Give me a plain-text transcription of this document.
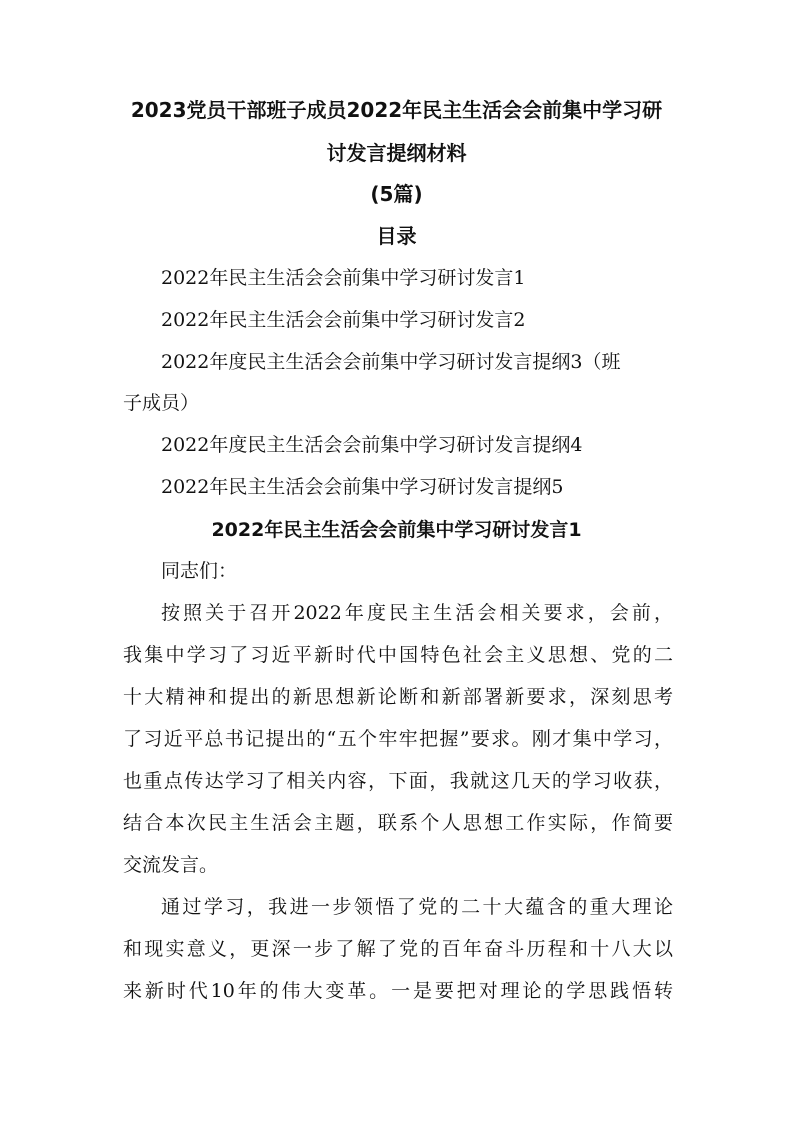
2023党员干部班子成员2022年民主生活会会前集中学习研
讨发言提纲材料
(5篇)
目录

2022年民主生活会会前集中学习研讨发言1

2022年民主生活会会前集中学习研讨发言2

2022年度民主生活会会前集中学习研讨发言提纲3（班

子成员）

2022年度民主生活会会前集中学习研讨发言提纲4

2022年民主生活会会前集中学习研讨发言提纲5

2022年民主生活会会前集中学习研讨发言1

同志们：

按照关于召开2022年度民主生活会相关要求，会前，

我集中学习了习近平新时代中国特色社会主义思想、党的二

十大精神和提出的新思想新论断和新部署新要求，深刻思考

了习近平总书记提出的“五个牢牢把握”要求。刚才集中学习，

也重点传达学习了相关内容，下面，我就这几天的学习收获，

结合本次民主生活会主题，联系个人思想工作实际，作简要

交流发言。

通过学习，我进一步领悟了党的二十大蕴含的重大理论

和现实意义，更深一步了解了党的百年奋斗历程和十八大以

来新时代10年的伟大变革。一是要把对理论的学思践悟转
